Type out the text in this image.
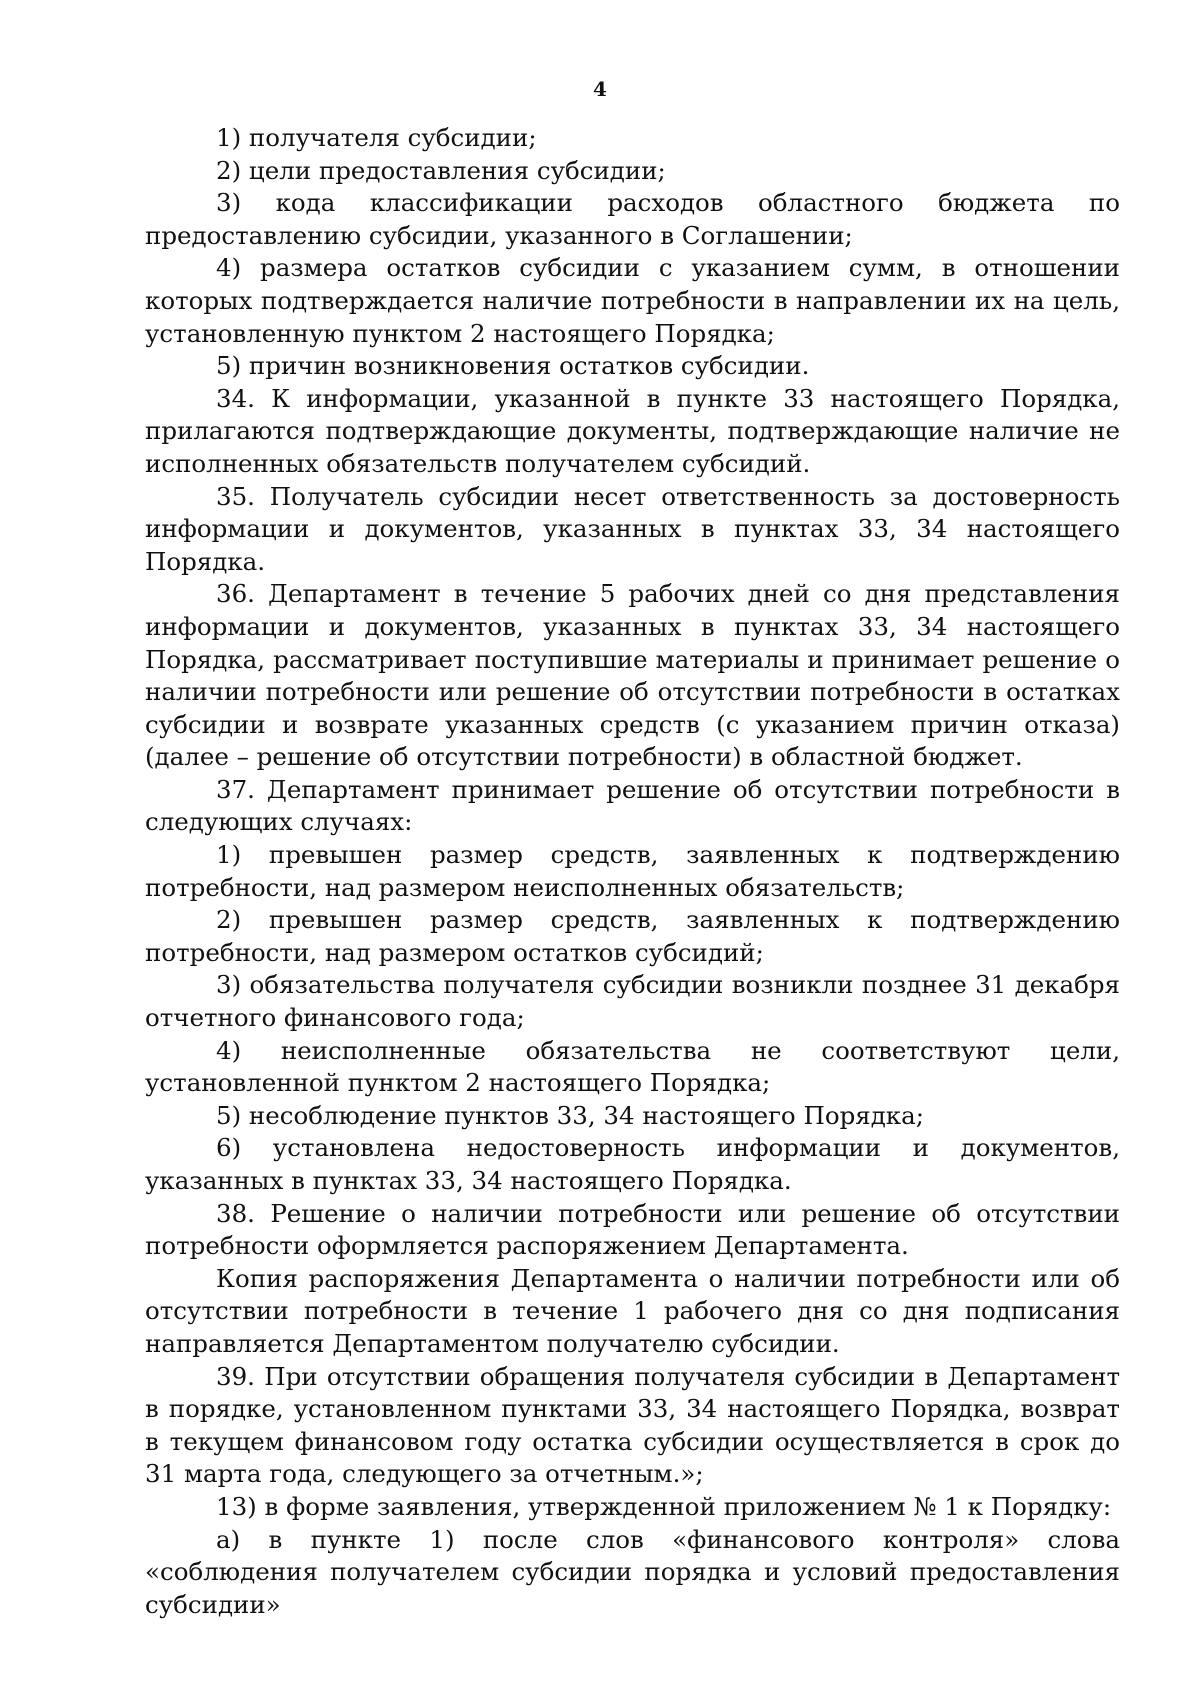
4

1) получателя субсидии;

2) цели предоставления субсидии;

3) кода классификации расходов областного бюджета по предоставлению субсидии, указанного в Соглашении;

4) размера остатков субсидии с указанием сумм, в отношении которых подтверждается наличие потребности в направлении их на цель, установленную пунктом 2 настоящего Порядка;

5) причин возникновения остатков субсидии.

34. К информации, указанной в пункте 33 настоящего Порядка, прилагаются подтверждающие документы, подтверждающие наличие не исполненных обязательств получателем субсидий.

35. Получатель субсидии несет ответственность за достоверность информации и документов, указанных в пунктах 33, 34 настоящего Порядка.

36. Департамент в течение 5 рабочих дней со дня представления информации и документов, указанных в пунктах 33, 34 настоящего Порядка, рассматривает поступившие материалы и принимает решение о наличии потребности или решение об отсутствии потребности в остатках субсидии и возврате указанных средств (с указанием причин отказа) (далее – решение об отсутствии потребности) в областной бюджет.

37. Департамент принимает решение об отсутствии потребности в следующих случаях:

1) превышен размер средств, заявленных к подтверждению потребности, над размером неисполненных обязательств;

2) превышен размер средств, заявленных к подтверждению потребности, над размером остатков субсидий;

3) обязательства получателя субсидии возникли позднее 31 декабря отчетного финансового года;

4) неисполненные обязательства не соответствуют цели, установленной пунктом 2 настоящего Порядка;

5) несоблюдение пунктов 33, 34 настоящего Порядка;

6) установлена недостоверность информации и документов, указанных в пунктах 33, 34 настоящего Порядка.

38. Решение о наличии потребности или решение об отсутствии потребности оформляется распоряжением Департамента.

Копия распоряжения Департамента о наличии потребности или об отсутствии потребности в течение 1 рабочего дня со дня подписания направляется Департаментом получателю субсидии.

39. При отсутствии обращения получателя субсидии в Департамент в порядке, установленном пунктами 33, 34 настоящего Порядка, возврат в текущем финансовом году остатка субсидии осуществляется в срок до 31 марта года, следующего за отчетным.»;

13) в форме заявления, утвержденной приложением № 1 к Порядку:

а) в пункте 1) после слов «финансового контроля» слова «соблюдения получателем субсидии порядка и условий предоставления субсидии»
